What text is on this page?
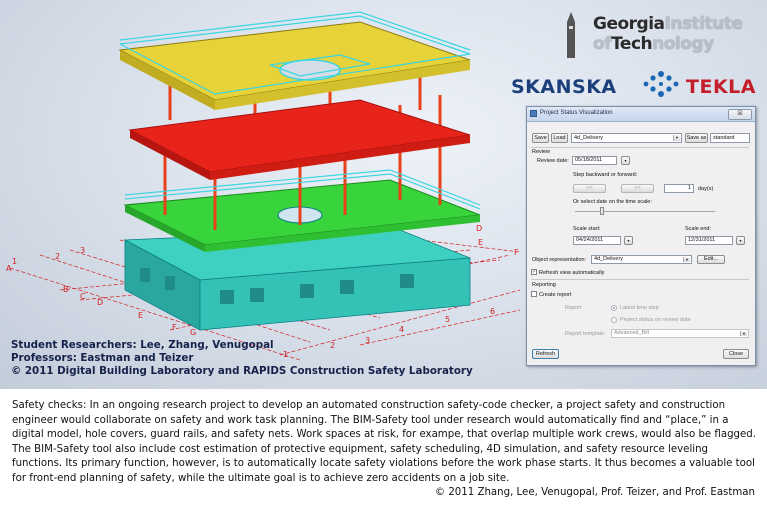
A
1
2
3
B
C
D
E
F
G
D
E
F
1
2
3
4
5
6
GeorgiaInstitute
ofTechnology
SKANSKA	TEKLA
Student Researchers: Lee, Zhang, Venugopal
Professors: Eastman and Teizer
© 2011 Digital Building Laboratory and RAPIDS Construction Safety Laboratory
Project Status Visualization	☒
Save	Load	4d_Delivery	▼ Save as	standard
Review
Review date:	05/18/2011	▾
Step backward or forward:
<<	>>	1	day(s)
Or select date on the time scale:
Scale start:	Scale end:
04/24/2011	▾	12/31/2011	▾
Object representation:	4d_Delivery	▼	Edit...
✓ Refresh view automatically
Reporting
Create report
Report	Latest time step
Project status on review date
Report template	Advanced_Bill	▼
Refresh	Close
Safety checks: In an ongoing research project to develop an automated construction safety-code checker, a project safety and construction engineer would collaborate on safety and work task planning. The BIM-Safety tool under research would automatically find and “place,” in a digital model, hole covers, guard rails, and safety nets. Work spaces at risk, for exampe, that overlap multiple work crews, would also be flagged. The BIM-Safety tool also include cost estimation of protective equipment, safety scheduling, 4D simulation, and safety resource leveling functions. Its primary function, however, is to automatically locate safety violations before the work phase starts. It thus becomes a valuable tool for front-end planning of safety, while the ultimate goal is to achieve zero accidents on a job site.
© 2011 Zhang, Lee, Venugopal, Prof. Teizer, and Prof. Eastman
